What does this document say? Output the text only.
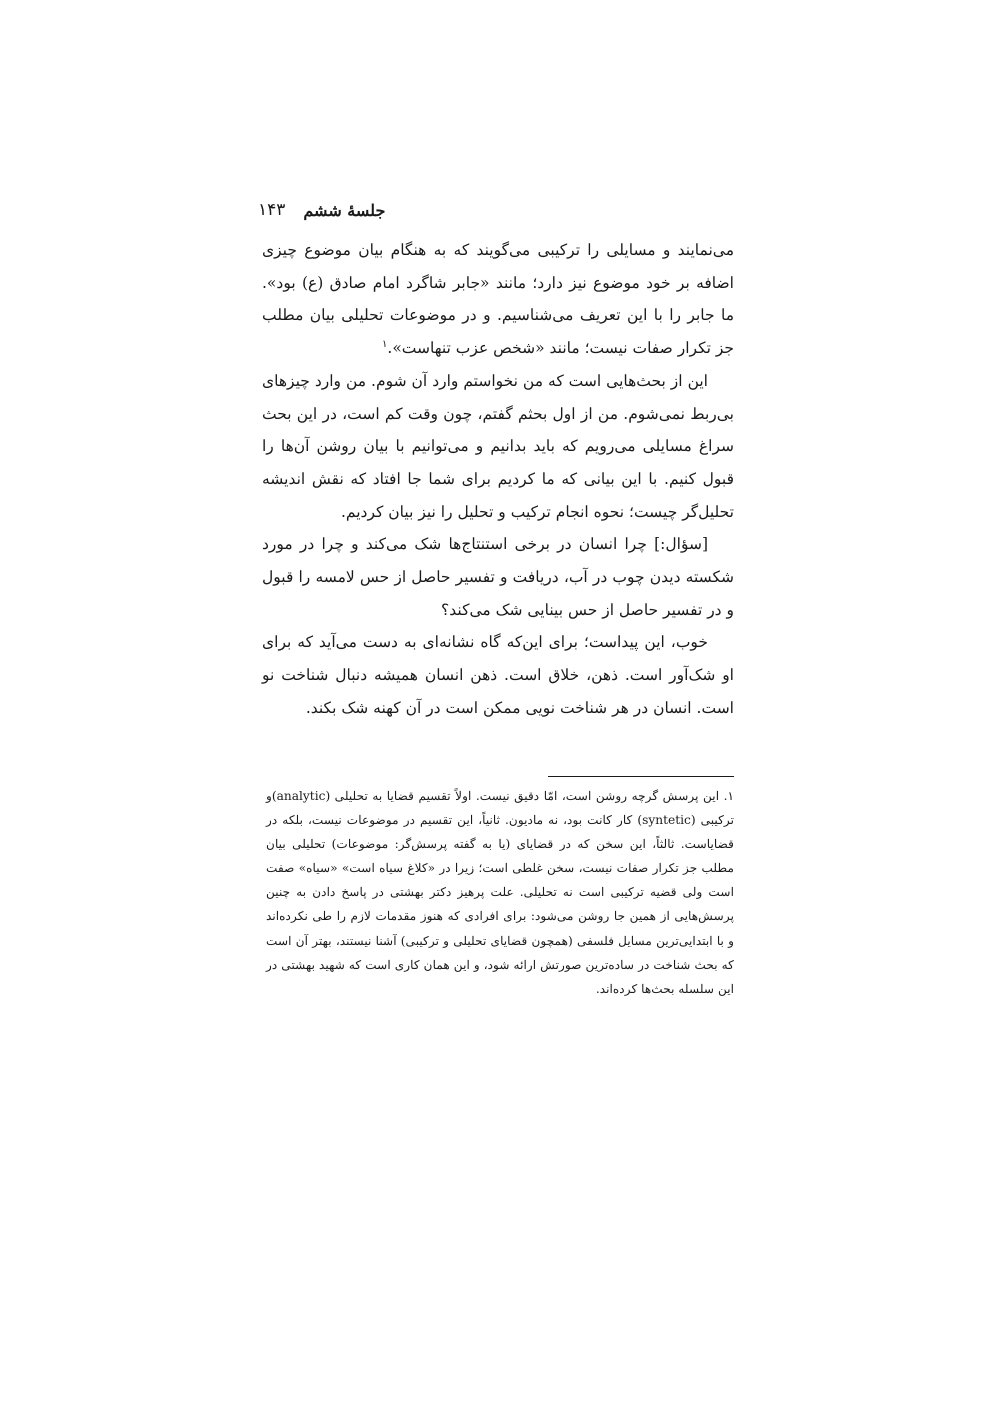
جلسهٔ ششم
۱۴۳

می‌نمایند و مسایلی را ترکیبی می‌گویند که به هنگام بیان موضوع چیزی اضافه بر خود موضوع نیز دارد؛ مانند «جابر شاگرد امام صادق (ع) بود». ما جابر را با این تعریف می‌شناسیم. و در موضوعات تحلیلی بیان مطلب جز تکرار صفات نیست؛ مانند «شخص عزب تنهاست».$^۱$

این از بحث‌هایی است که من نخواستم وارد آن شوم. من وارد چیزهای بی‌ربط نمی‌شوم. من از اول بحثم گفتم، چون وقت کم است، در این بحث سراغ مسایلی می‌رویم که باید بدانیم و می‌توانیم با بیان روشن آن‌ها را قبول کنیم. با این بیانی که ما کردیم برای شما جا افتاد که نقش اندیشه تحلیل‌گر چیست؛ نحوه انجام ترکیب و تحلیل را نیز بیان کردیم.

[سؤال:] چرا انسان در برخی استنتاج‌ها شک می‌کند و چرا در مورد شکسته دیدن چوب در آب، دریافت و تفسیر حاصل از حس لامسه را قبول و در تفسیر حاصل از حس بینایی شک می‌کند؟

خوب، این پیداست؛ برای این‌که گاه نشانه‌ای به دست می‌آید که برای او شک‌آور است. ذهن، خلاق است. ذهن انسان همیشه دنبال شناخت نو است. انسان در هر شناخت نویی ممکن است در آن کهنه شک بکند.

۱. این پرسش گرچه روشن است، امّا دقیق نیست. اولاً تقسیم قضایا به تحلیلی (analytic)و ترکیبی (syntetic) کار کانت بود، نه مادیون. ثانیاً، این تقسیم در موضوعات نیست، بلکه در قضایاست. ثالثاً، این سخن که در قضایای (یا به گفته پرسش‌گر: موضوعات) تحلیلی بیان مطلب جز تکرار صفات نیست، سخن غلطی است؛ زیرا در «کلاغ سیاه است» «سیاه» صفت است ولی قضیه ترکیبی است نه تحلیلی. علت پرهیز دکتر بهشتی در پاسخ دادن به چنین پرسش‌هایی از همین جا روشن می‌شود: برای افرادی که هنوز مقدمات لازم را طی نکرده‌اند و با ابتدایی‌ترین مسایل فلسفی (همچون قضایای تحلیلی و ترکیبی) آشنا نیستند، بهتر آن است که بحث شناخت در ساده‌ترین صورتش ارائه شود، و این همان کاری است که شهید بهشتی در این سلسله بحث‌ها کرده‌اند.
